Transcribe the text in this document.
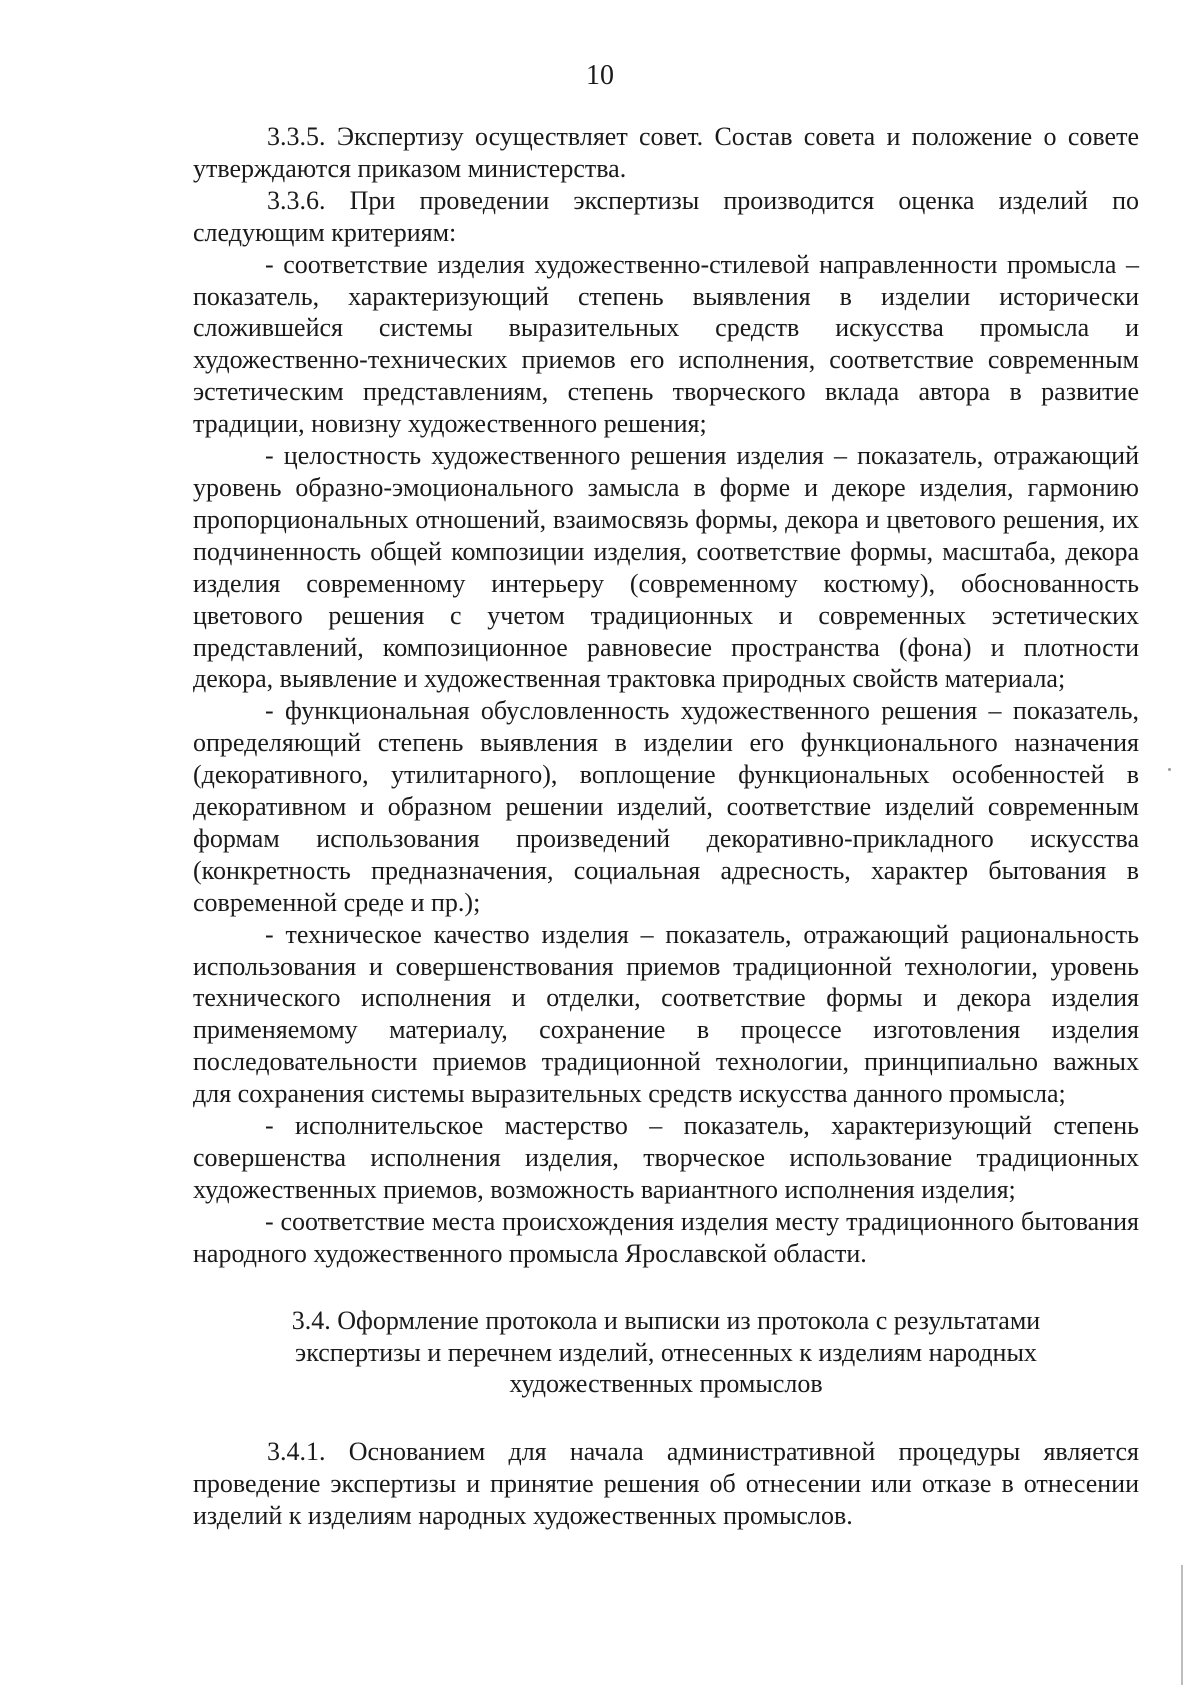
10

3.3.5. Экспертизу осуществляет совет. Состав совета и положение о совете утверждаются приказом министерства.

3.3.6. При проведении экспертизы производится оценка изделий по следующим критериям:

- соответствие изделия художественно-стилевой направленности промысла – показатель, характеризующий степень выявления в изделии исторически сложившейся системы выразительных средств искусства промысла и художественно-технических приемов его исполнения, соответствие современным эстетическим представлениям, степень творческого вклада автора в развитие традиции, новизну художественного решения;

- целостность художественного решения изделия – показатель, отражающий уровень образно-эмоционального замысла в форме и декоре изделия, гармонию пропорциональных отношений, взаимосвязь формы, декора и цветового решения, их подчиненность общей композиции изделия, соответствие формы, масштаба, декора изделия современному интерьеру (современному костюму), обоснованность цветового решения с учетом традиционных и современных эстетических представлений, композиционное равновесие пространства (фона) и плотности декора, выявление и художественная трактовка природных свойств материала;

- функциональная обусловленность художественного решения – показатель, определяющий степень выявления в изделии его функционального назначения (декоративного, утилитарного), воплощение функциональных особенностей в декоративном и образном решении изделий, соответствие изделий современным формам использования произведений декоративно-прикладного искусства (конкретность предназначения, социальная адресность, характер бытования в современной среде и пр.);

- техническое качество изделия – показатель, отражающий рациональность использования и совершенствования приемов традиционной технологии, уровень технического исполнения и отделки, соответствие формы и декора изделия применяемому материалу, сохранение в процессе изготовления изделия последовательности приемов традиционной технологии, принципиально важных для сохранения системы выразительных средств искусства данного промысла;

- исполнительское мастерство – показатель, характеризующий степень совершенства исполнения изделия, творческое использование традиционных художественных приемов, возможность вариантного исполнения изделия;

- соответствие места происхождения изделия месту традиционного бытования народного художественного промысла Ярославской области.

3.4. Оформление протокола и выписки из протокола с результатами экспертизы и перечнем изделий, отнесенных к изделиям народных художественных промыслов

3.4.1. Основанием для начала административной процедуры является проведение экспертизы и принятие решения об отнесении или отказе в отнесении изделий к изделиям народных художественных промыслов.
